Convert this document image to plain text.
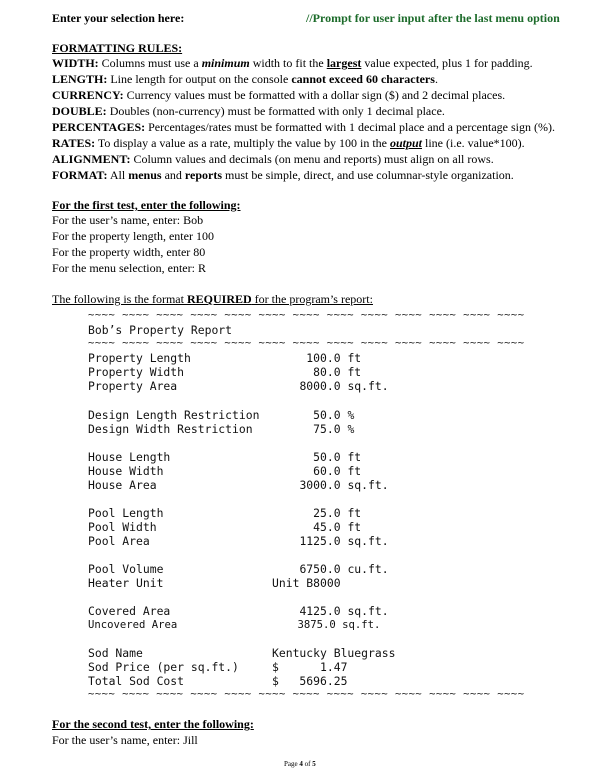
Enter your selection here:	//Prompt for user input after the last menu option
FORMATTING RULES:
WIDTH: Columns must use a minimum width to fit the largest value expected, plus 1 for padding.
LENGTH: Line length for output on the console cannot exceed 60 characters.
CURRENCY: Currency values must be formatted with a dollar sign ($) and 2 decimal places.
DOUBLE: Doubles (non-currency) must be formatted with only 1 decimal place.
PERCENTAGES: Percentages/rates must be formatted with 1 decimal place and a percentage sign (%).
RATES: To display a value as a rate, multiply the value by 100 in the output line (i.e. value*100).
ALIGNMENT: Column values and decimals (on menu and reports) must align on all rows.
FORMAT: All menus and reports must be simple, direct, and use columnar-style organization.
For the first test, enter the following:
For the user’s name, enter: Bob
For the property length, enter 100
For the property width, enter 80
For the menu selection, enter: R
The following is the format REQUIRED for the program’s report:
~~~~ ~~~~ ~~~~ ~~~~ ~~~~ ~~~~ ~~~~ ~~~~ ~~~~ ~~~~ ~~~~ ~~~~ ~~~~
Bob’s Property Report
~~~~ ~~~~ ~~~~ ~~~~ ~~~~ ~~~~ ~~~~ ~~~~ ~~~~ ~~~~ ~~~~ ~~~~ ~~~~
Property Length	100.0 ft
Property Width	80.0 ft
Property Area	8000.0 sq.ft.
Design Length Restriction	50.0 %
Design Width Restriction	75.0 %
House Length	50.0 ft
House Width	60.0 ft
House Area	3000.0 sq.ft.
Pool Length	25.0 ft
Pool Width	45.0 ft
Pool Area	1125.0 sq.ft.
Pool Volume	6750.0 cu.ft.
Heater Unit	Unit B8000
Covered Area	4125.0 sq.ft.
Uncovered Area	3875.0 sq.ft.
Sod Name	Kentucky Bluegrass
Sod Price (per sq.ft.)	$      1.47
Total Sod Cost	$   5696.25
~~~~ ~~~~ ~~~~ ~~~~ ~~~~ ~~~~ ~~~~ ~~~~ ~~~~ ~~~~ ~~~~ ~~~~ ~~~~
For the second test, enter the following:
For the user’s name, enter: Jill
Page 4 of 5
